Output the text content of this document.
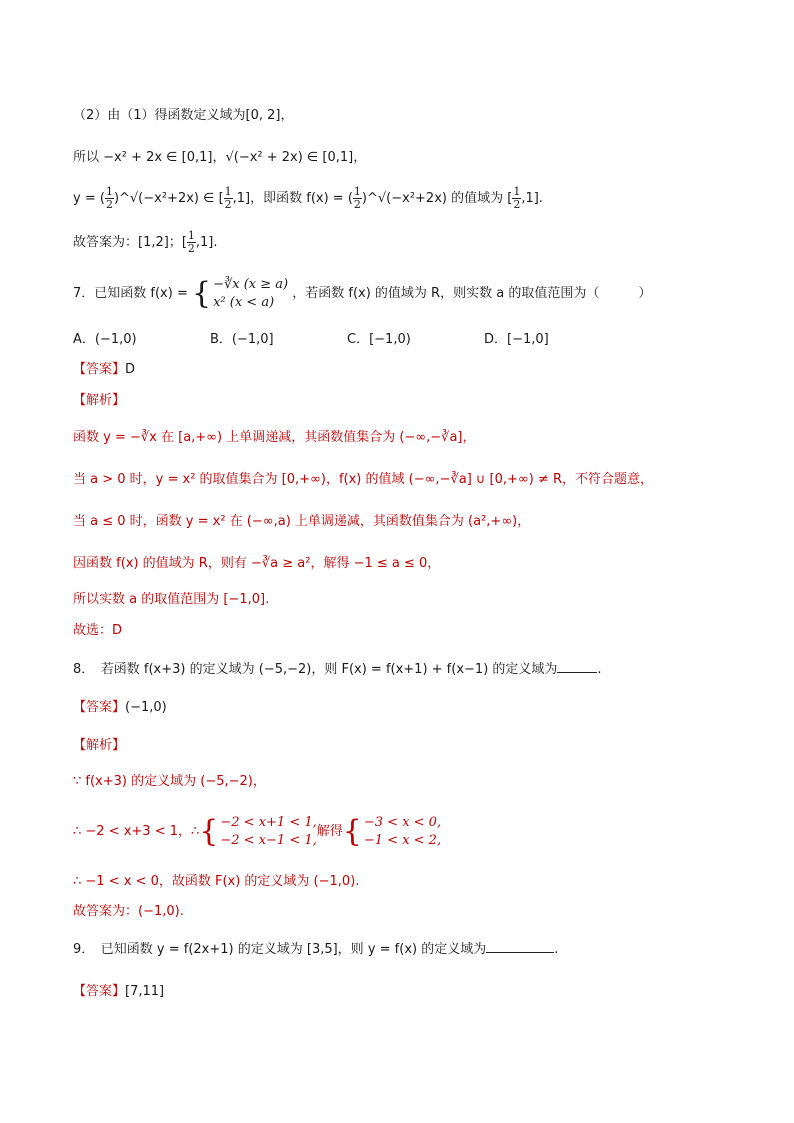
（2）由（1）得函数定义域为[0, 2]，
所以 −x² + 2x ∈ [0,1]，√(−x² + 2x) ∈ [0,1]，
y = ( $\frac{1}{2}$ )^√(−x²+2x) ∈ [ $\frac{1}{2} ,1$]，即函数 f(x) = ( $\frac{1}{2}$ )^√(−x²+2x) 的值域为 [ $\frac{1}{2} ,1$].
故答案为：[1,2]；[ $\frac{1}{2} ,1$].
7．已知函数 f(x) = { −∛x (x ≥ a)
x² (x < a)
，若函数 f(x) 的值域为 R，则实数 a 的取值范围为（　　　）
A．(−1,0)	B．(−1,0]	C．[−1,0)	D．[−1,0]
【答案】D
【解析】
函数 y = −∛x 在 [a,+∞) 上单调递减，其函数值集合为 (−∞,−∛a]，
当 a > 0 时，y = x² 的取值集合为 [0,+∞)，f(x) 的值域 (−∞,−∛a] ∪ [0,+∞) ≠ R，不符合题意，
当 a ≤ 0 时，函数 y = x² 在 (−∞,a) 上单调递减，其函数值集合为 (a²,+∞)，
因函数 f(x) 的值域为 R，则有 −∛a ≥ a²，解得 −1 ≤ a ≤ 0，
所以实数 a 的取值范围为 [−1,0].
故选：D
8．　若函数 f(x+3) 的定义域为 (−5,−2)，则 F(x) = f(x+1) + f(x−1) 的定义域为	.
【答案】(−1,0)
【解析】
∵ f(x+3) 的定义域为 (−5,−2)，
∴ −2 < x+3 < 1，∴{ −2 < x+1 < 1,
−2 < x−1 < 1,
解得{ −3 < x < 0,
−1 < x < 2,
∴ −1 < x < 0，故函数 F(x) 的定义域为 (−1,0).
故答案为：(−1,0).
9．　已知函数 y = f(2x+1) 的定义域为 [3,5]，则 y = f(x) 的定义域为	.
【答案】[7,11]
